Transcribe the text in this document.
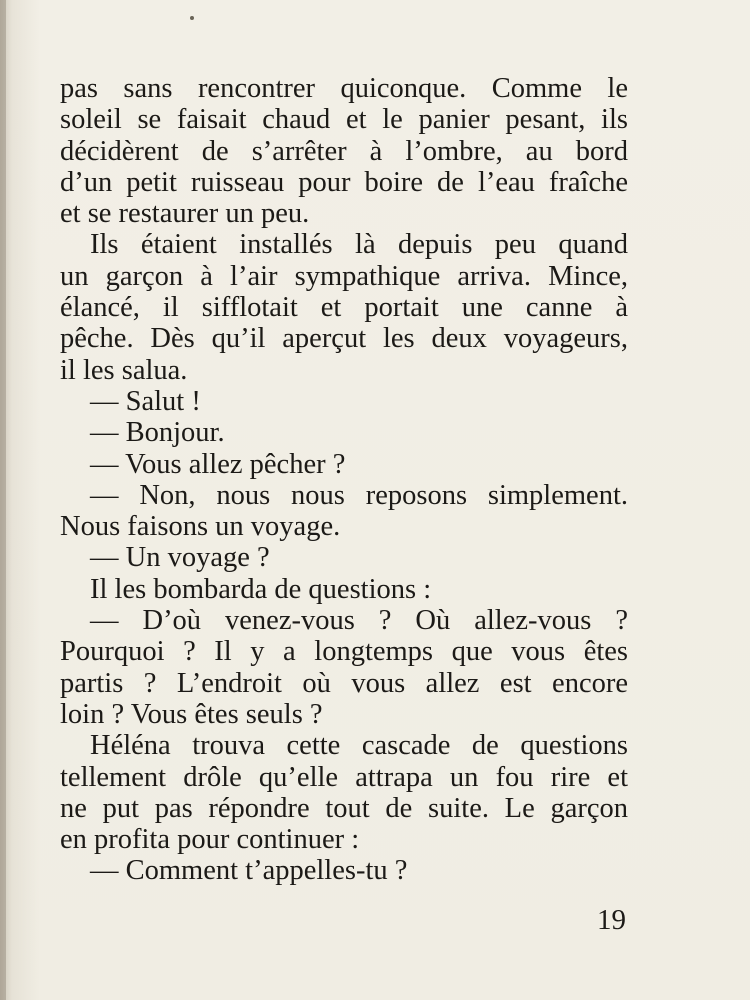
pas sans rencontrer quiconque. Comme le
soleil se faisait chaud et le panier pesant, ils
décidèrent de s’arrêter à l’ombre, au bord
d’un petit ruisseau pour boire de l’eau fraîche
et se restaurer un peu.
Ils étaient installés là depuis peu quand
un garçon à l’air sympathique arriva. Mince,
élancé, il sifflotait et portait une canne à
pêche. Dès qu’il aperçut les deux voyageurs,
il les salua.
— Salut !
— Bonjour.
— Vous allez pêcher ?
— Non, nous nous reposons simplement.
Nous faisons un voyage.
— Un voyage ?
Il les bombarda de questions :
— D’où venez-vous ? Où allez-vous ?
Pourquoi ? Il y a longtemps que vous êtes
partis ? L’endroit où vous allez est encore
loin ? Vous êtes seuls ?
Héléna trouva cette cascade de questions
tellement drôle qu’elle attrapa un fou rire et
ne put pas répondre tout de suite. Le garçon
en profita pour continuer :
— Comment t’appelles-tu ?
19
